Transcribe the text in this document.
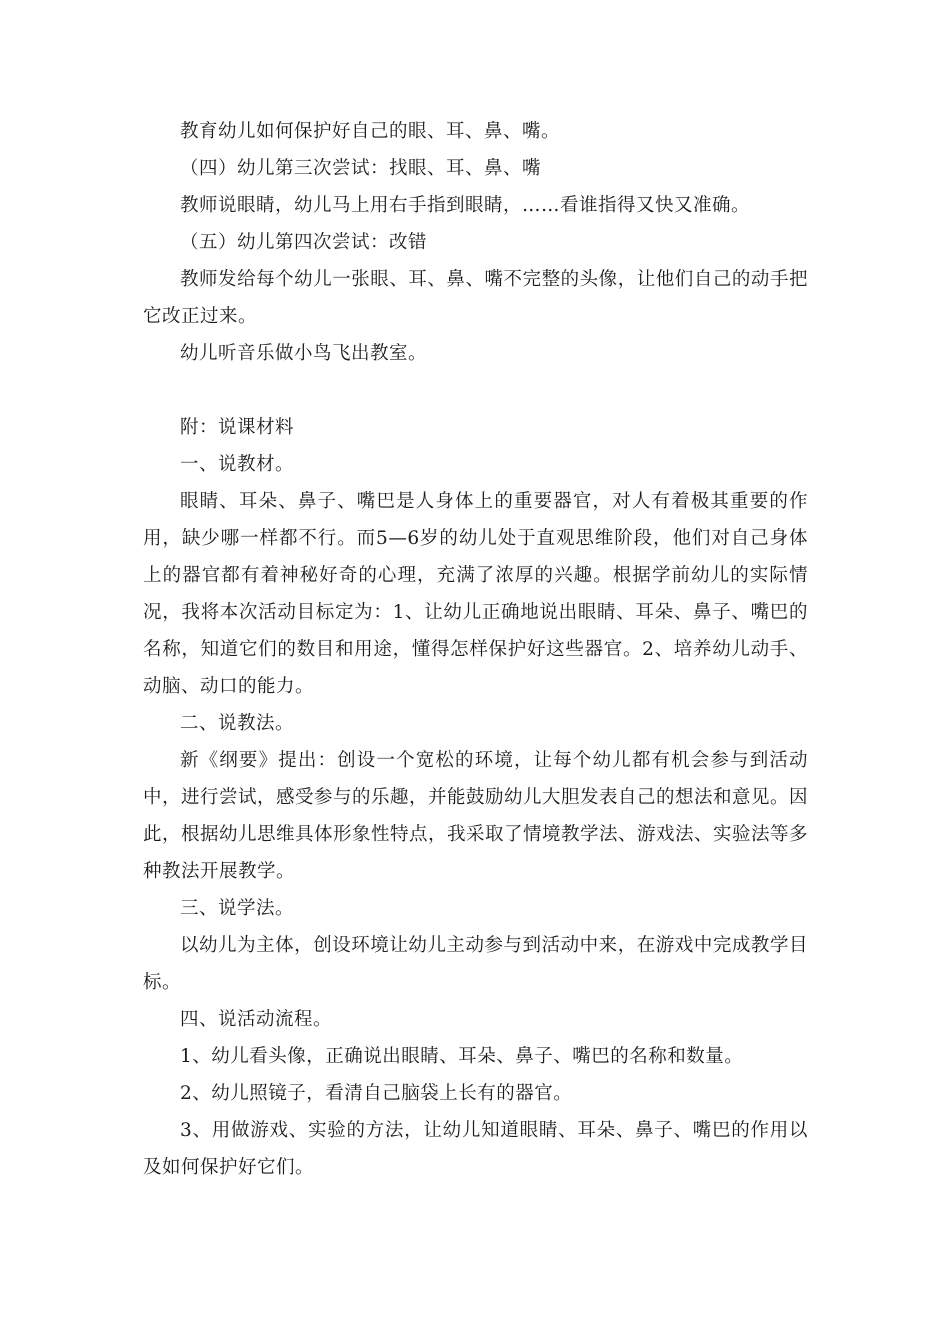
教育幼儿如何保护好自己的眼、耳、鼻、嘴。

（四）幼儿第三次尝试：找眼、耳、鼻、嘴

教师说眼睛，幼儿马上用右手指到眼睛，……看谁指得又快又准确。

（五）幼儿第四次尝试：改错

教师发给每个幼儿一张眼、耳、鼻、嘴不完整的头像，让他们自己的动手把它改正过来。

幼儿听音乐做小鸟飞出教室。

附：说课材料

一、说教材。

眼睛、耳朵、鼻子、嘴巴是人身体上的重要器官，对人有着极其重要的作用，缺少哪一样都不行。而5—6岁的幼儿处于直观思维阶段，他们对自己身体上的器官都有着神秘好奇的心理，充满了浓厚的兴趣。根据学前幼儿的实际情况，我将本次活动目标定为：1、让幼儿正确地说出眼睛、耳朵、鼻子、嘴巴的名称，知道它们的数目和用途，懂得怎样保护好这些器官。2、培养幼儿动手、动脑、动口的能力。

二、说教法。

新《纲要》提出：创设一个宽松的环境，让每个幼儿都有机会参与到活动中，进行尝试，感受参与的乐趣，并能鼓励幼儿大胆发表自己的想法和意见。因此，根据幼儿思维具体形象性特点，我采取了情境教学法、游戏法、实验法等多种教法开展教学。

三、说学法。

以幼儿为主体，创设环境让幼儿主动参与到活动中来，在游戏中完成教学目标。

四、说活动流程。

1、幼儿看头像，正确说出眼睛、耳朵、鼻子、嘴巴的名称和数量。

2、幼儿照镜子，看清自己脑袋上长有的器官。

3、用做游戏、实验的方法，让幼儿知道眼睛、耳朵、鼻子、嘴巴的作用以及如何保护好它们。
